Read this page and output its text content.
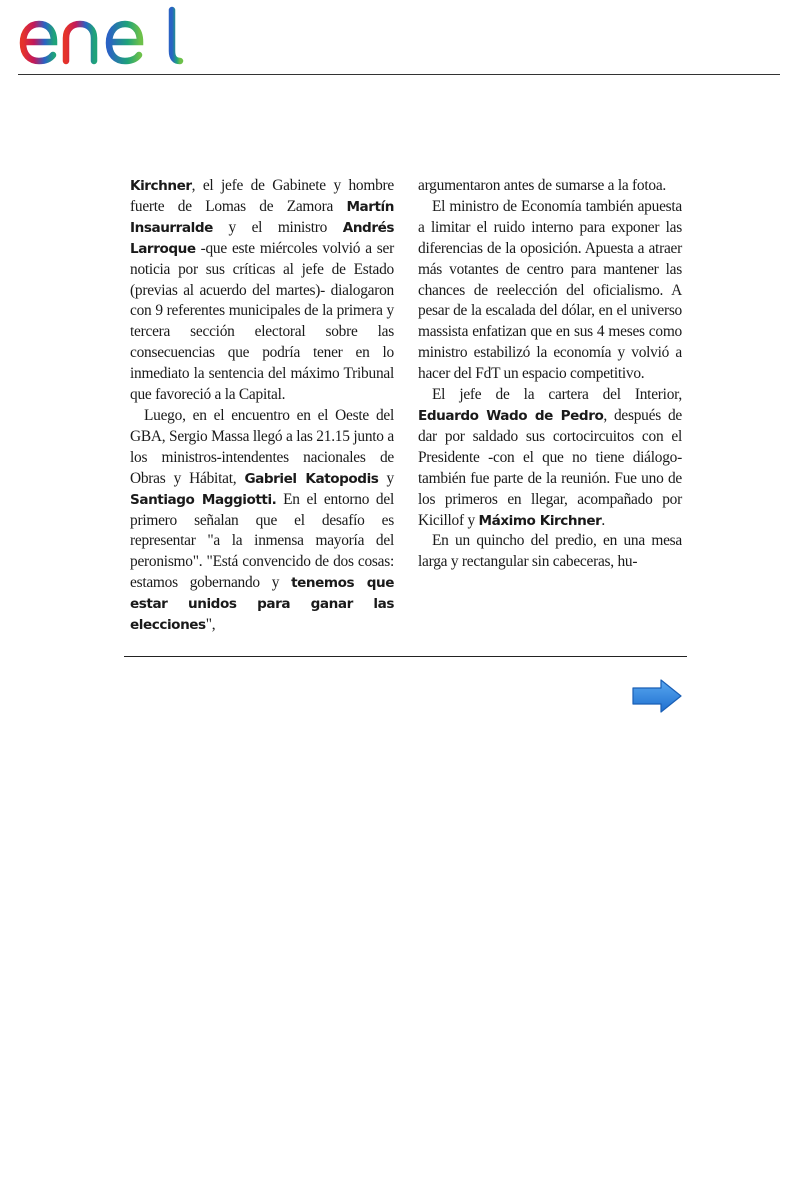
Kirchner, el jefe de Gabinete y hombre fuerte de Lomas de Zamora Martín Insaurralde y el ministro Andrés Larroque -que este miércoles volvió a ser noticia por sus críticas al jefe de Estado (previas al acuerdo del martes)- dialogaron con 9 referentes municipales de la primera y tercera sección electoral sobre las consecuencias que podría tener en lo inmediato la sentencia del máximo Tribunal que favoreció a la Capital.

Luego, en el encuentro en el Oeste del GBA, Sergio Massa llegó a las 21.15 junto a los ministros-intendentes nacionales de Obras y Hábitat, Gabriel Katopodis y Santiago Maggiotti. En el entorno del primero señalan que el desafío es representar "a la inmensa mayoría del peronismo". "Está convencido de dos cosas: estamos gobernando y tenemos que estar unidos para ganar las elecciones",

argumentaron antes de sumarse a la fotoa.

El ministro de Economía también apuesta a limitar el ruido interno para exponer las diferencias de la oposición. Apuesta a atraer más votantes de centro para mantener las chances de reelección del oficialismo. A pesar de la escalada del dólar, en el universo massista enfatizan que en sus 4 meses como ministro estabilizó la economía y volvió a hacer del FdT un espacio competitivo.

El jefe de la cartera del Interior, Eduardo Wado de Pedro, después de dar por saldado sus cortocircuitos con el Presidente -con el que no tiene diálogo- también fue parte de la reunión. Fue uno de los primeros en llegar, acompañado por Kicillof y Máximo Kirchner.

En un quincho del predio, en una mesa larga y rectangular sin cabeceras, hu-
